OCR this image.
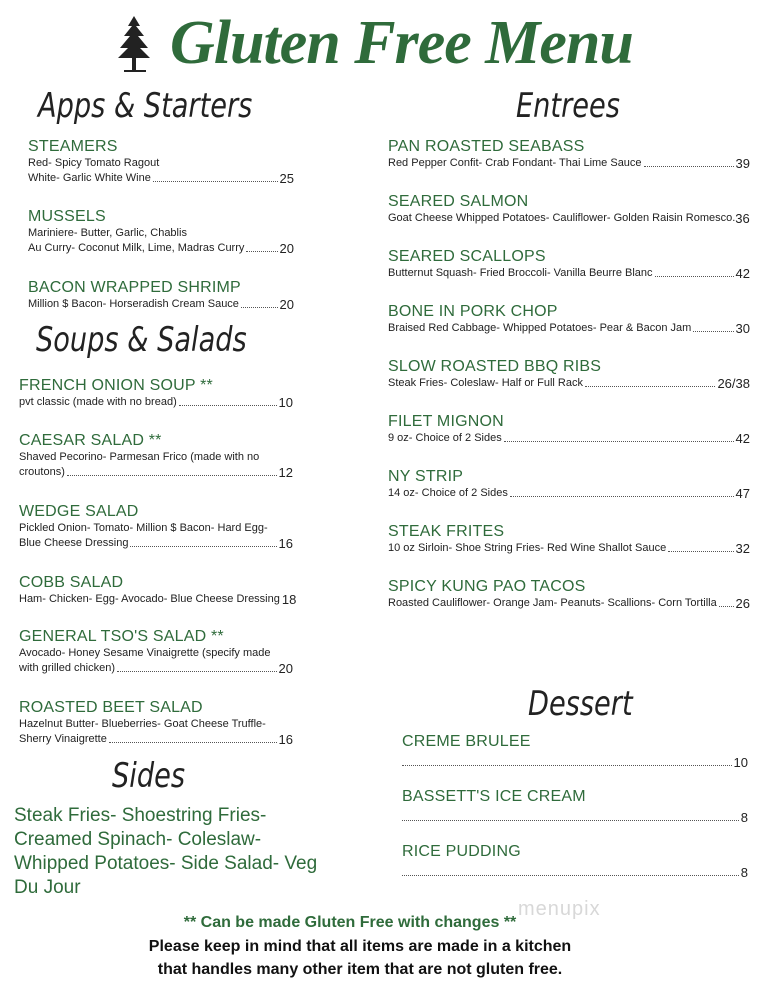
Gluten Free Menu
Apps & Starters
Soups & Salads
Sides
Entrees
Dessert
STEAMERS
Red- Spicy Tomato Ragout
White- Garlic White Wine	25
MUSSELS
Mariniere- Butter, Garlic, Chablis
Au Curry- Coconut Milk, Lime, Madras Curry	20
BACON WRAPPED SHRIMP
Million $ Bacon- Horseradish Cream Sauce	20
FRENCH ONION SOUP **
pvt classic (made with no bread)	10
CAESAR SALAD **
Shaved Pecorino- Parmesan Frico (made with no
croutons)	12
WEDGE SALAD
Pickled Onion- Tomato- Million $ Bacon- Hard Egg-
Blue Cheese Dressing	16
COBB SALAD
Ham- Chicken- Egg- Avocado- Blue Cheese Dressing 18
GENERAL TSO'S SALAD **
Avocado- Honey Sesame Vinaigrette (specify made
with grilled chicken)	20
ROASTED BEET SALAD
Hazelnut Butter- Blueberries- Goat Cheese Truffle-
Sherry Vinaigrette	16
Steak Fries- Shoestring Fries- Creamed Spinach- Coleslaw- Whipped Potatoes- Side Salad- Veg Du Jour
PAN ROASTED SEABASS
Red Pepper Confit- Crab Fondant- Thai Lime Sauce	39
SEARED SALMON
Goat Cheese Whipped Potatoes- Cauliflower- Golden Raisin Romesco. 36
SEARED SCALLOPS
Butternut Squash- Fried Broccoli- Vanilla Beurre Blanc	42
BONE IN PORK CHOP
Braised Red Cabbage- Whipped Potatoes- Pear & Bacon Jam	30
SLOW ROASTED BBQ RIBS
Steak Fries- Coleslaw- Half or Full Rack	26/38
FILET MIGNON
9 oz- Choice of 2 Sides	42
NY STRIP
14 oz- Choice of 2 Sides	47
STEAK FRITES
10 oz Sirloin- Shoe String Fries- Red Wine Shallot Sauce	32
SPICY KUNG PAO TACOS
Roasted Cauliflower- Orange Jam- Peanuts- Scallions- Corn Tortilla 26
CREME BRULEE
10
BASSETT'S ICE CREAM
8
RICE PUDDING
8
menupix
** Can be made Gluten Free with changes **
Please keep in mind that all items are made in a kitchen
that handles many other item that are not gluten free.
